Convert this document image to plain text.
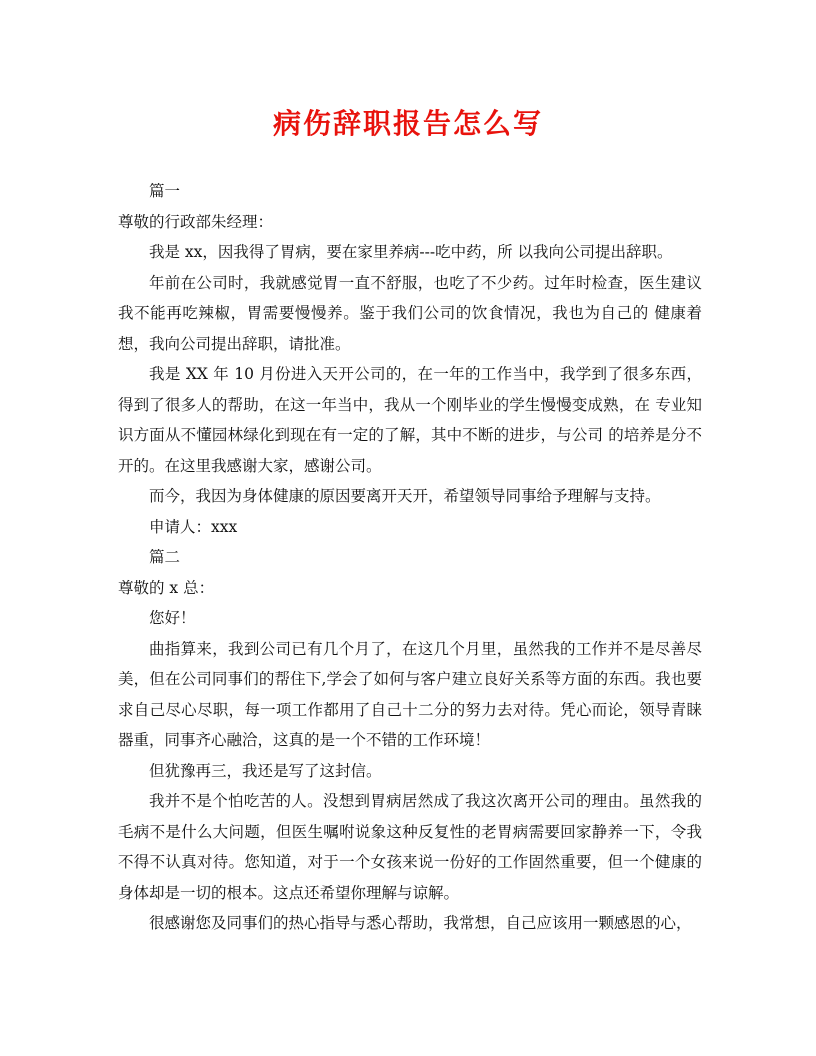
病伤辞职报告怎么写

篇一

尊敬的行政部朱经理：

我是 xx，因我得了胃病，要在家里养病---吃中药，所 以我向公司提出辞职。

年前在公司时，我就感觉胃一直不舒服，也吃了不少药。过年时检查，医生建议我不能再吃辣椒，胃需要慢慢养。鉴于我们公司的饮食情况，我也为自己的 健康着想，我向公司提出辞职，请批准。

我是 XX 年 10 月份进入天开公司的，在一年的工作当中，我学到了很多东西，得到了很多人的帮助，在这一年当中，我从一个刚毕业的学生慢慢变成熟，在 专业知识方面从不懂园林绿化到现在有一定的了解，其中不断的进步，与公司 的培养是分不开的。在这里我感谢大家，感谢公司。

而今，我因为身体健康的原因要离开天开，希望领导同事给予理解与支持。

申请人：xxx

篇二

尊敬的 x 总：

您好！

曲指算来，我到公司已有几个月了，在这几个月里，虽然我的工作并不是尽善尽美，但在公司同事们的帮住下,学会了如何与客户建立良好关系等方面的东西。我也要求自己尽心尽职，每一项工作都用了自己十二分的努力去对待。凭心而论，领导青睐器重，同事齐心融洽，这真的是一个不错的工作环境！

但犹豫再三，我还是写了这封信。

我并不是个怕吃苦的人。没想到胃病居然成了我这次离开公司的理由。虽然我的毛病不是什么大问题，但医生嘱咐说象这种反复性的老胃病需要回家静养一下，令我不得不认真对待。您知道，对于一个女孩来说一份好的工作固然重要，但一个健康的身体却是一切的根本。这点还希望你理解与谅解。

很感谢您及同事们的热心指导与悉心帮助，我常想，自己应该用一颗感恩的心，
